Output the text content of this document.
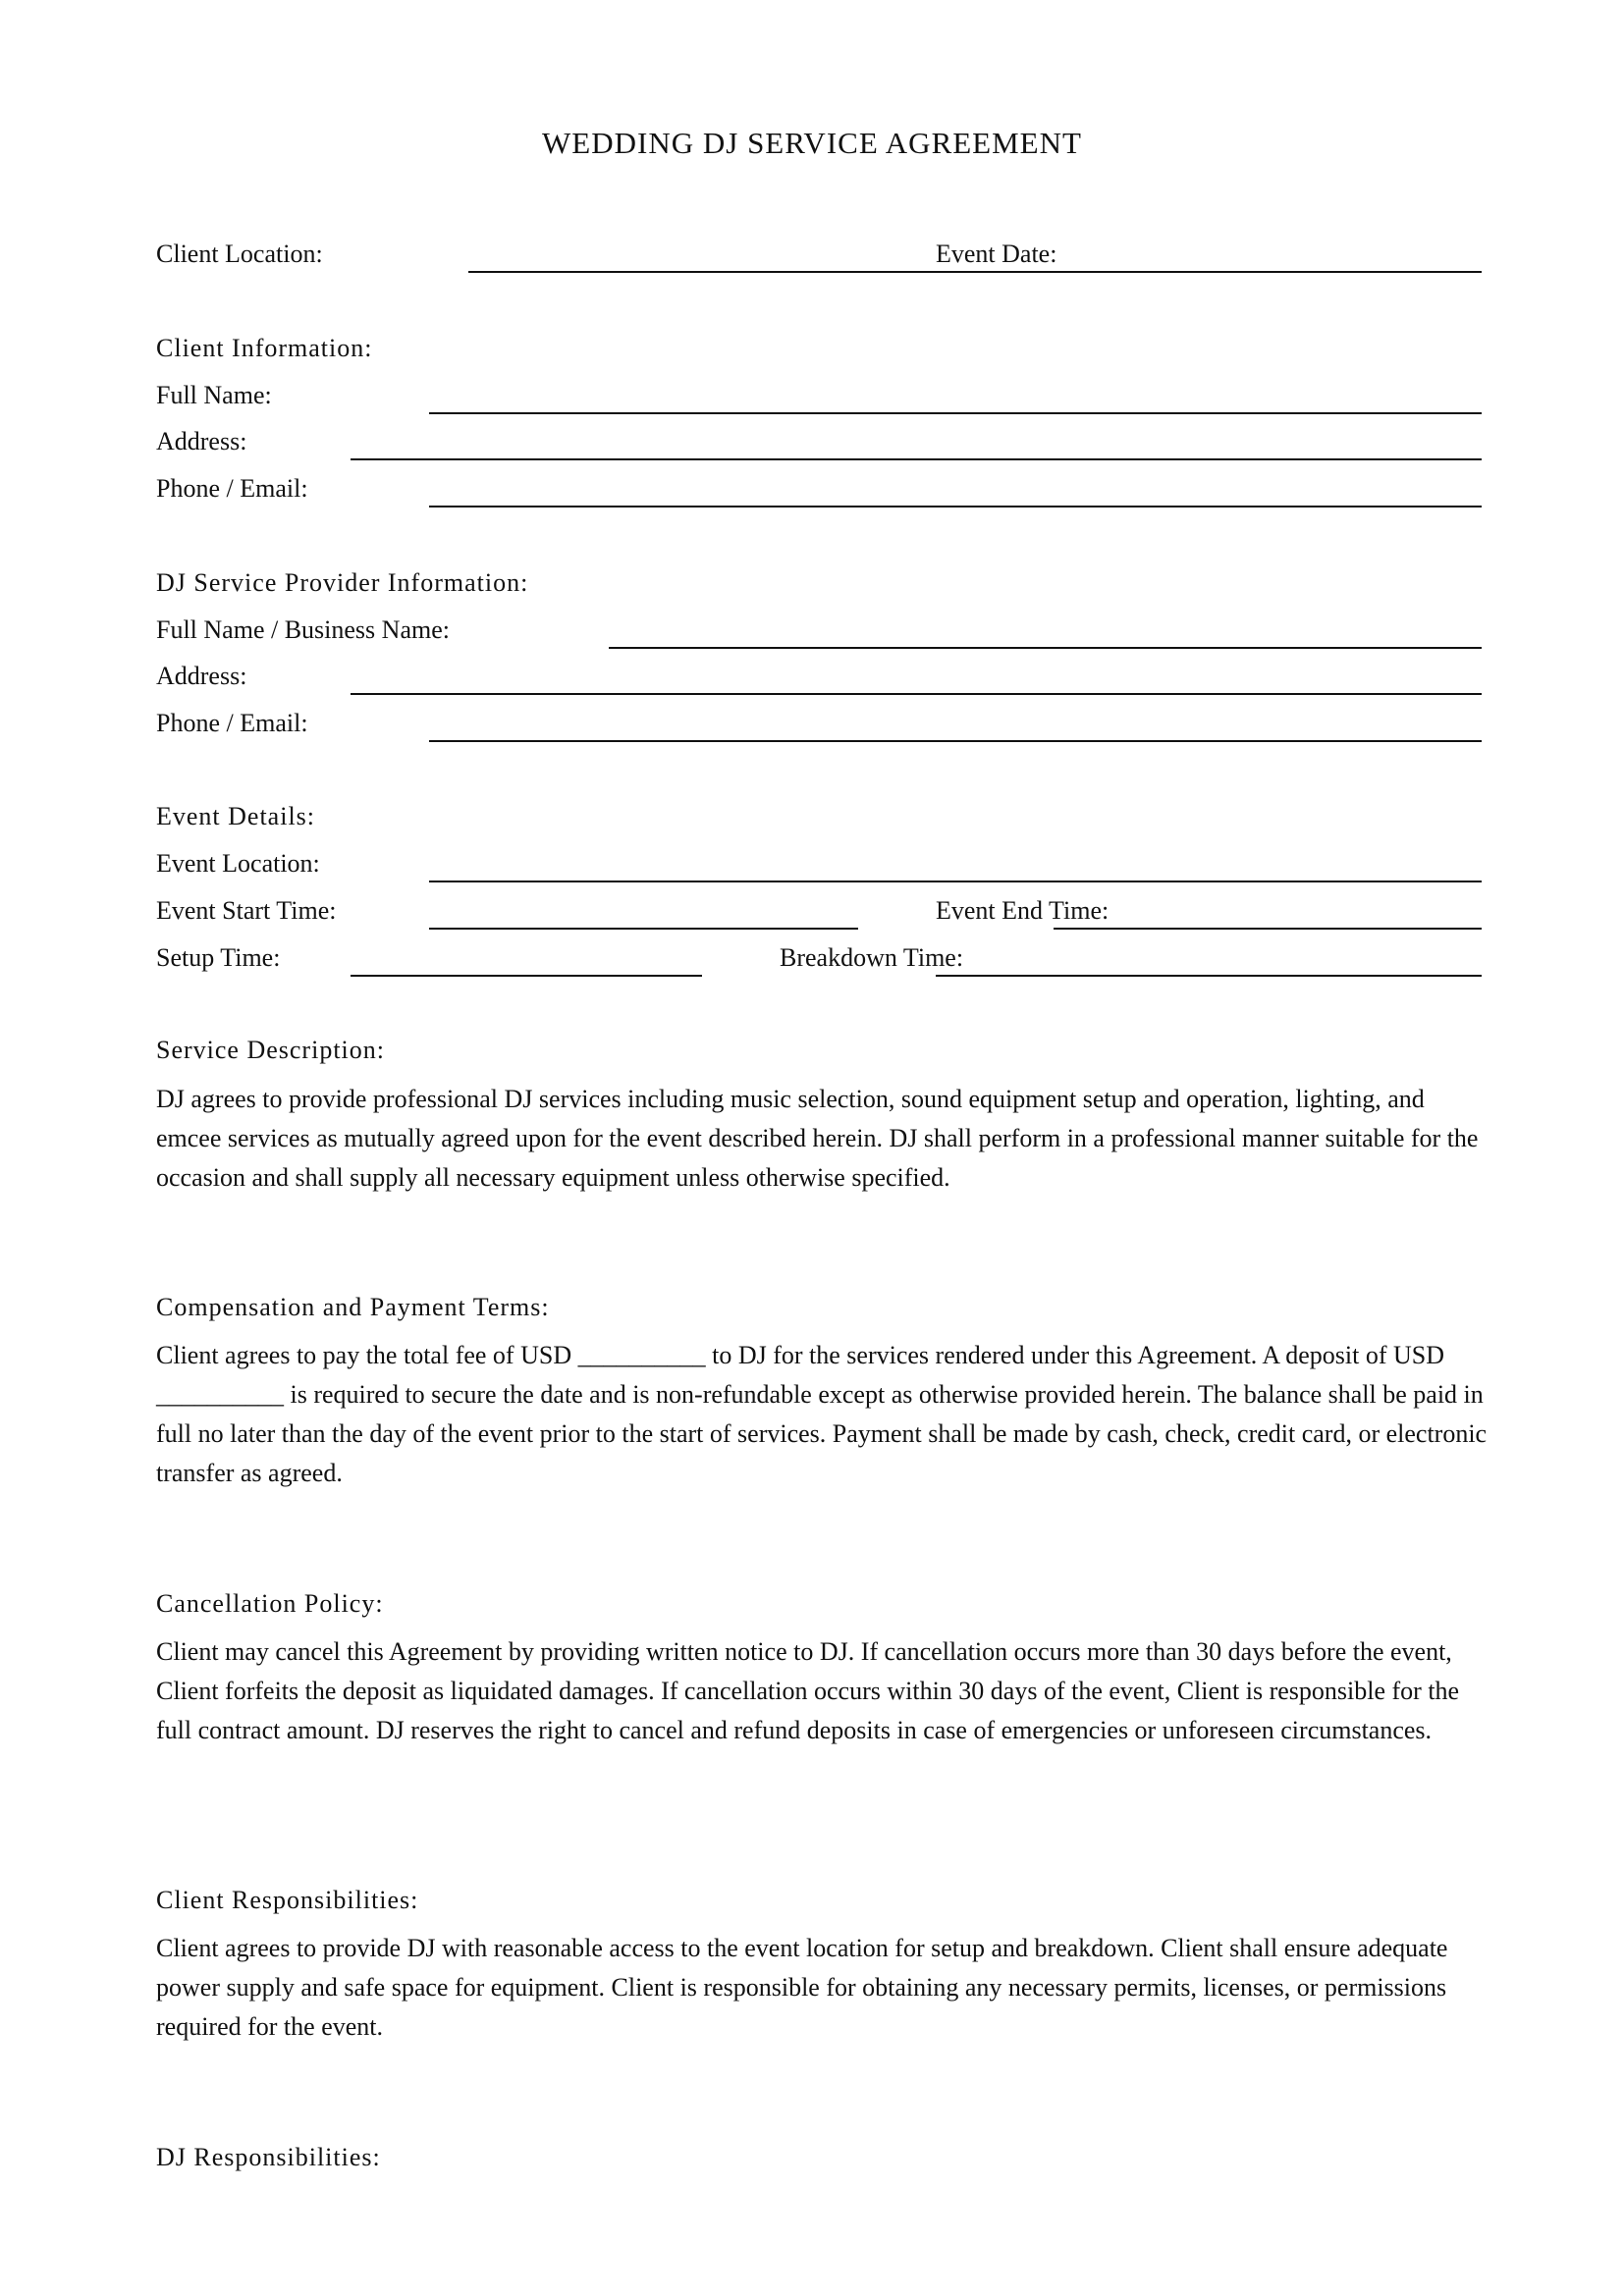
WEDDING DJ SERVICE AGREEMENT
Client Location:	Event Date:
Client Information:
Full Name:
Address:
Phone / Email:
DJ Service Provider Information:
Full Name / Business Name:
Address:
Phone / Email:
Event Details:
Event Location:
Event Start Time:	Event End Time:
Setup Time:	Breakdown Time:
Service Description:
DJ agrees to provide professional DJ services including music selection, sound equipment setup and operation, lighting, and emcee services as mutually agreed upon for the event described herein. DJ shall perform in a professional manner suitable for the occasion and shall supply all necessary equipment unless otherwise specified.
Compensation and Payment Terms:
Client agrees to pay the total fee of USD __________ to DJ for the services rendered under this Agreement. A deposit of USD __________ is required to secure the date and is non-refundable except as otherwise provided herein. The balance shall be paid in full no later than the day of the event prior to the start of services. Payment shall be made by cash, check, credit card, or electronic transfer as agreed.
Cancellation Policy:
Client may cancel this Agreement by providing written notice to DJ. If cancellation occurs more than 30 days before the event, Client forfeits the deposit as liquidated damages. If cancellation occurs within 30 days of the event, Client is responsible for the full contract amount. DJ reserves the right to cancel and refund deposits in case of emergencies or unforeseen circumstances.
Client Responsibilities:
Client agrees to provide DJ with reasonable access to the event location for setup and breakdown. Client shall ensure adequate power supply and safe space for equipment. Client is responsible for obtaining any necessary permits, licenses, or permissions required for the event.
DJ Responsibilities:
